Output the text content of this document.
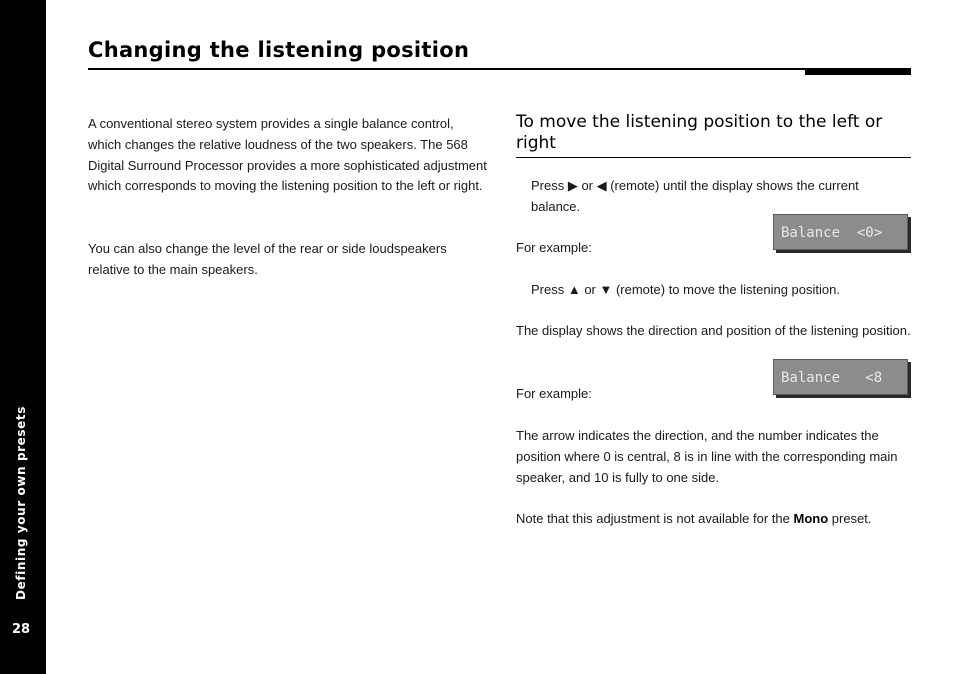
Defining your own presets
28
Changing the listening position

A conventional stereo system provides a single balance control, which changes the relative loudness of the two speakers. The 568 Digital Surround Processor provides a more sophisticated adjustment which corresponds to moving the listening position to the left or right.

You can also change the level of the rear or side loudspeakers relative to the main speakers.

To move the listening position to the left or right

Press ▶ or ◀ (remote) until the display shows the current balance.

For example:

Balance  <0>

Press ▲ or ▼ (remote) to move the listening position.

The display shows the direction and position of the listening position.

For example:

Balance   <8

The arrow indicates the direction, and the number indicates the position where 0 is central, 8 is in line with the corresponding main speaker, and 10 is fully to one side.

Note that this adjustment is not available for the Mono preset.
